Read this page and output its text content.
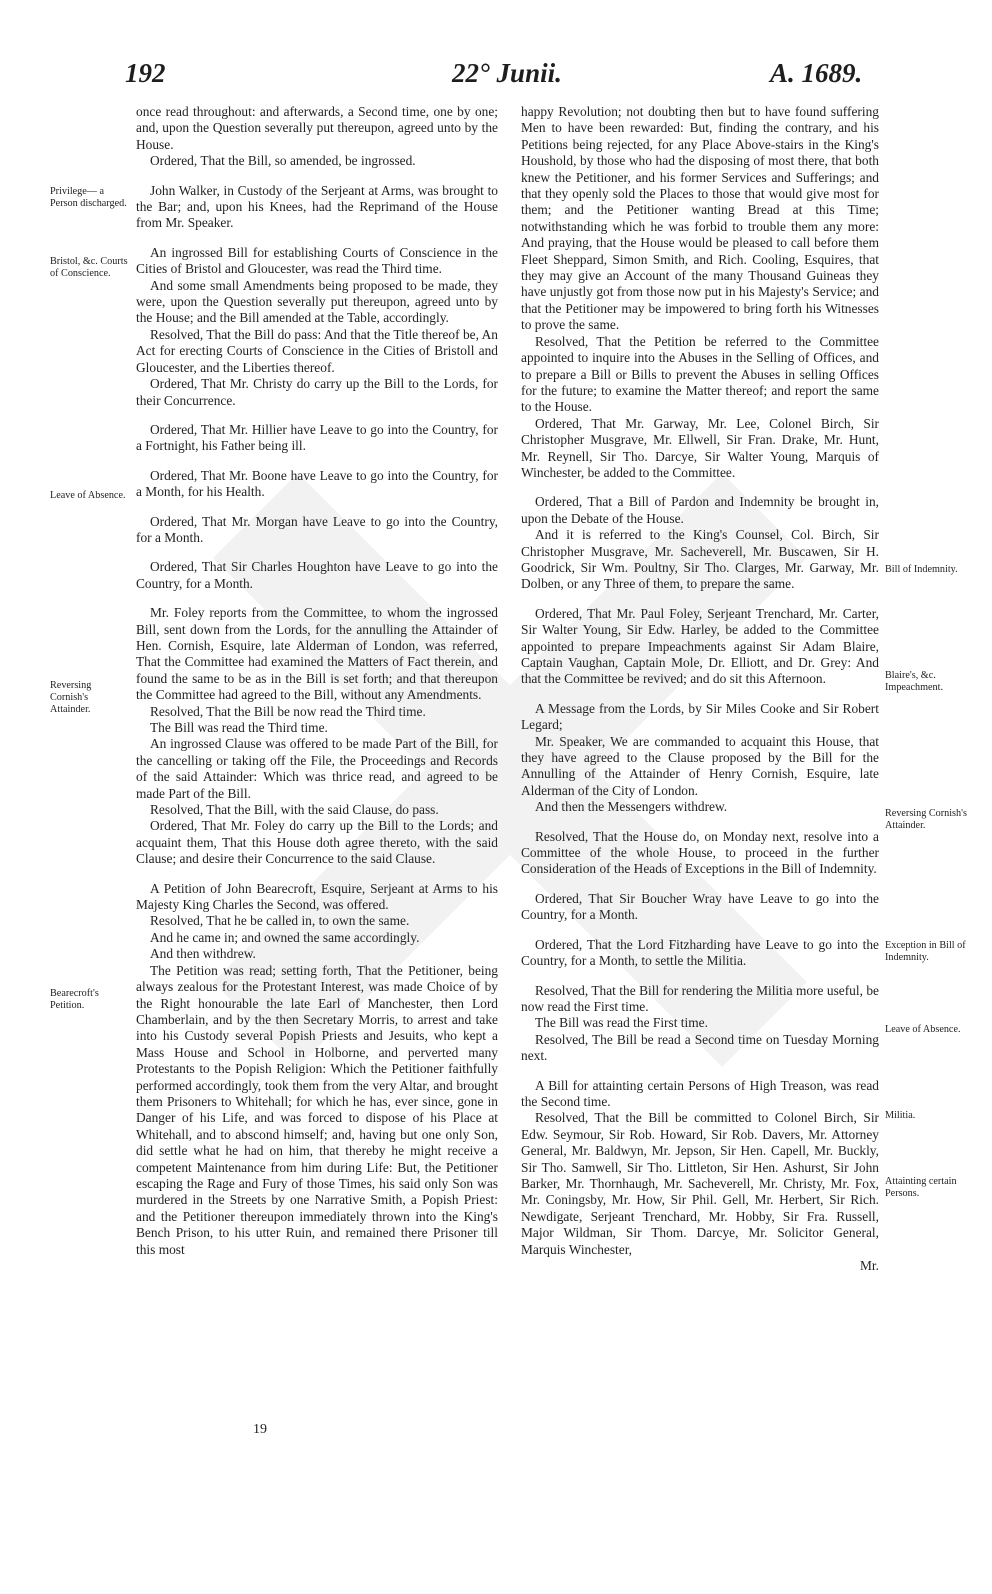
192	22° Junii.	A. 1689.
Privilege— a Person discharged.
Bristol, &c. Courts of Conscience.
Leave of Absence.
Reversing Cornish's Attainder.
Bearecroft's Petition.
Bill of Indemnity.
Blaire's, &c. Impeachment.
Reversing Cornish's Attainder.
Exception in Bill of Indemnity.
Leave of Absence.
Militia.
Attainting certain Persons.

once read throughout: and afterwards, a Second time, one by one; and, upon the Question severally put thereupon, agreed unto by the House.

Ordered, That the Bill, so amended, be ingrossed.

John Walker, in Custody of the Serjeant at Arms, was brought to the Bar; and, upon his Knees, had the Reprimand of the House from Mr. Speaker.

An ingrossed Bill for establishing Courts of Conscience in the Cities of Bristol and Gloucester, was read the Third time.

And some small Amendments being proposed to be made, they were, upon the Question severally put thereupon, agreed unto by the House; and the Bill amended at the Table, accordingly.

Resolved, That the Bill do pass: And that the Title thereof be, An Act for erecting Courts of Conscience in the Cities of Bristoll and Gloucester, and the Liberties thereof.

Ordered, That Mr. Christy do carry up the Bill to the Lords, for their Concurrence.

Ordered, That Mr. Hillier have Leave to go into the Country, for a Fortnight, his Father being ill.

Ordered, That Mr. Boone have Leave to go into the Country, for a Month, for his Health.

Ordered, That Mr. Morgan have Leave to go into the Country, for a Month.

Ordered, That Sir Charles Houghton have Leave to go into the Country, for a Month.

Mr. Foley reports from the Committee, to whom the ingrossed Bill, sent down from the Lords, for the annulling the Attainder of Hen. Cornish, Esquire, late Alderman of London, was referred, That the Committee had examined the Matters of Fact therein, and found the same to be as in the Bill is set forth; and that thereupon the Committee had agreed to the Bill, without any Amendments.

Resolved, That the Bill be now read the Third time.

The Bill was read the Third time.

An ingrossed Clause was offered to be made Part of the Bill, for the cancelling or taking off the File, the Proceedings and Records of the said Attainder: Which was thrice read, and agreed to be made Part of the Bill.

Resolved, That the Bill, with the said Clause, do pass.

Ordered, That Mr. Foley do carry up the Bill to the Lords; and acquaint them, That this House doth agree thereto, with the said Clause; and desire their Concurrence to the said Clause.

A Petition of John Bearecroft, Esquire, Serjeant at Arms to his Majesty King Charles the Second, was offered.

Resolved, That he be called in, to own the same.

And he came in; and owned the same accordingly.

And then withdrew.

The Petition was read; setting forth, That the Petitioner, being always zealous for the Protestant Interest, was made Choice of by the Right honourable the late Earl of Manchester, then Lord Chamberlain, and by the then Secretary Morris, to arrest and take into his Custody several Popish Priests and Jesuits, who kept a Mass House and School in Holborne, and perverted many Protestants to the Popish Religion: Which the Petitioner faithfully performed accordingly, took them from the very Altar, and brought them Prisoners to Whitehall; for which he has, ever since, gone in Danger of his Life, and was forced to dispose of his Place at Whitehall, and to abscond himself; and, having but one only Son, did settle what he had on him, that thereby he might receive a competent Maintenance from him during Life: But, the Petitioner escaping the Rage and Fury of those Times, his said only Son was murdered in the Streets by one Narrative Smith, a Popish Priest: and the Petitioner thereupon immediately thrown into the King's Bench Prison, to his utter Ruin, and remained there Prisoner till this most

happy Revolution; not doubting then but to have found suffering Men to have been rewarded: But, finding the contrary, and his Petitions being rejected, for any Place Above-stairs in the King's Houshold, by those who had the disposing of most there, that both knew the Petitioner, and his former Services and Sufferings; and that they openly sold the Places to those that would give most for them; and the Petitioner wanting Bread at this Time; notwithstanding which he was forbid to trouble them any more: And praying, that the House would be pleased to call before them Fleet Sheppard, Simon Smith, and Rich. Cooling, Esquires, that they may give an Account of the many Thousand Guineas they have unjustly got from those now put in his Majesty's Service; and that the Petitioner may be impowered to bring forth his Witnesses to prove the same.

Resolved, That the Petition be referred to the Committee appointed to inquire into the Abuses in the Selling of Offices, and to prepare a Bill or Bills to prevent the Abuses in selling Offices for the future; to examine the Matter thereof; and report the same to the House.

Ordered, That Mr. Garway, Mr. Lee, Colonel Birch, Sir Christopher Musgrave, Mr. Ellwell, Sir Fran. Drake, Mr. Hunt, Mr. Reynell, Sir Tho. Darcye, Sir Walter Young, Marquis of Winchester, be added to the Committee.

Ordered, That a Bill of Pardon and Indemnity be brought in, upon the Debate of the House.

And it is referred to the King's Counsel, Col. Birch, Sir Christopher Musgrave, Mr. Sacheverell, Mr. Buscawen, Sir H. Goodrick, Sir Wm. Poultny, Sir Tho. Clarges, Mr. Garway, Mr. Dolben, or any Three of them, to prepare the same.

Ordered, That Mr. Paul Foley, Serjeant Trenchard, Mr. Carter, Sir Walter Young, Sir Edw. Harley, be added to the Committee appointed to prepare Impeachments against Sir Adam Blaire, Captain Vaughan, Captain Mole, Dr. Elliott, and Dr. Grey: And that the Committee be revived; and do sit this Afternoon.

A Message from the Lords, by Sir Miles Cooke and Sir Robert Legard;

Mr. Speaker, We are commanded to acquaint this House, that they have agreed to the Clause proposed by the Bill for the Annulling of the Attainder of Henry Cornish, Esquire, late Alderman of the City of London.

And then the Messengers withdrew.

Resolved, That the House do, on Monday next, resolve into a Committee of the whole House, to proceed in the further Consideration of the Heads of Exceptions in the Bill of Indemnity.

Ordered, That Sir Boucher Wray have Leave to go into the Country, for a Month.

Ordered, That the Lord Fitzharding have Leave to go into the Country, for a Month, to settle the Militia.

Resolved, That the Bill for rendering the Militia more useful, be now read the First time.

The Bill was read the First time.

Resolved, The Bill be read a Second time on Tuesday Morning next.

A Bill for attainting certain Persons of High Treason, was read the Second time.

Resolved, That the Bill be committed to Colonel Birch, Sir Edw. Seymour, Sir Rob. Howard, Sir Rob. Davers, Mr. Attorney General, Mr. Baldwyn, Mr. Jepson, Sir Hen. Capell, Mr. Buckly, Sir Tho. Samwell, Sir Tho. Littleton, Sir Hen. Ashurst, Sir John Barker, Mr. Thornhaugh, Mr. Sacheverell, Mr. Christy, Mr. Fox, Mr. Coningsby, Mr. How, Sir Phil. Gell, Mr. Herbert, Sir Rich. Newdigate, Serjeant Trenchard, Mr. Hobby, Sir Fra. Russell, Major Wildman, Sir Thom. Darcye, Mr. Solicitor General, Marquis Winchester,

Mr.

19
